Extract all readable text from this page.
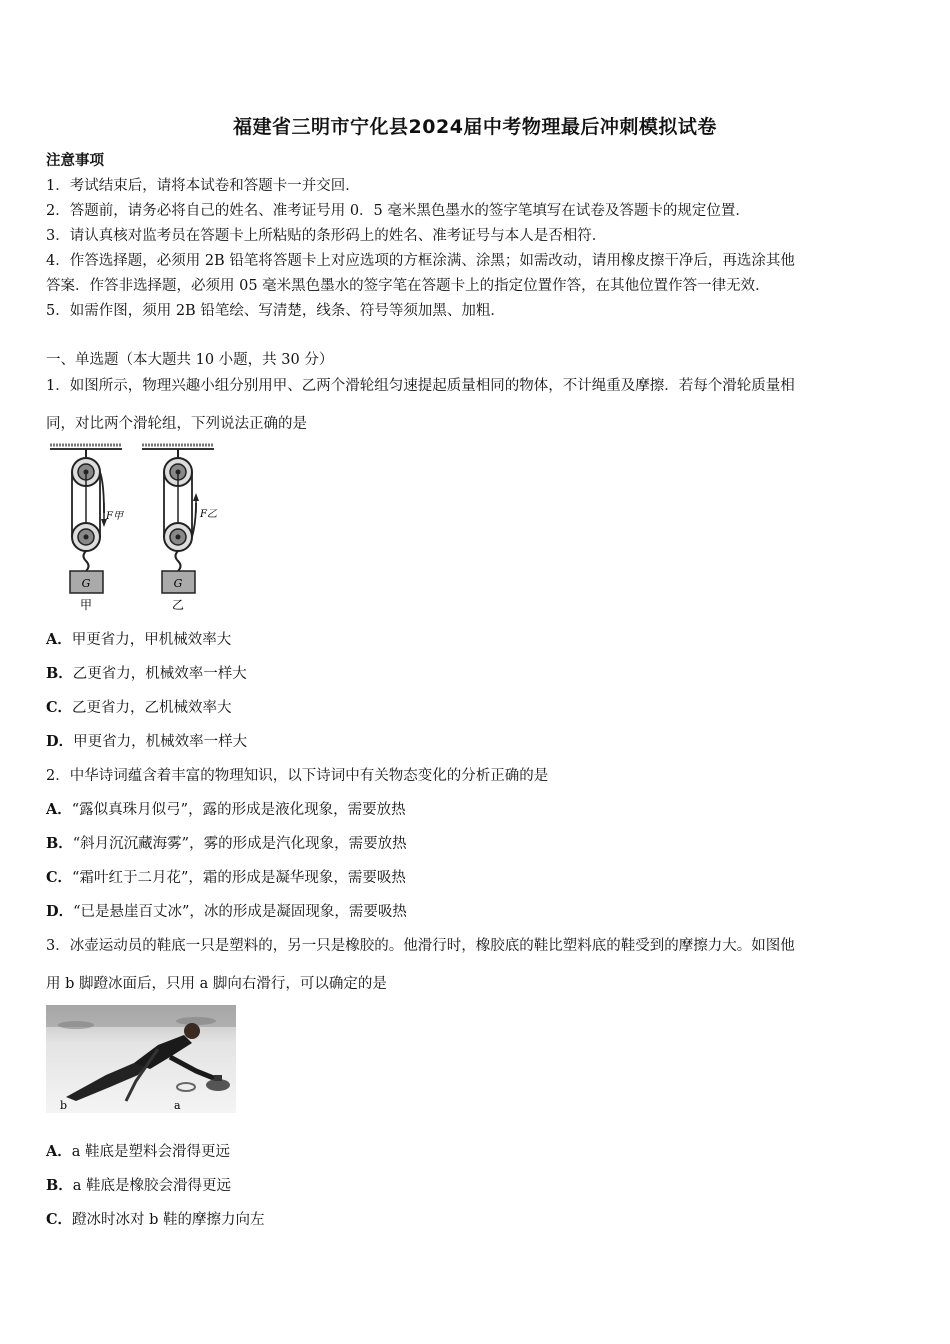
福建省三明市宁化县2024届中考物理最后冲刺模拟试卷
注意事项
1．考试结束后，请将本试卷和答题卡一并交回．
2．答题前，请务必将自己的姓名、准考证号用 0．5 毫米黑色墨水的签字笔填写在试卷及答题卡的规定位置．
3．请认真核对监考员在答题卡上所粘贴的条形码上的姓名、准考证号与本人是否相符．
4．作答选择题，必须用 2B 铅笔将答题卡上对应选项的方框涂满、涂黑；如需改动，请用橡皮擦干净后，再选涂其他
答案．作答非选择题，必须用 05 毫米黑色墨水的签字笔在答题卡上的指定位置作答，在其他位置作答一律无效．
5．如需作图，须用 2B 铅笔绘、写清楚，线条、符号等须加黑、加粗．
一、单选题（本大题共 10 小题，共 30 分）
1．如图所示，物理兴趣小组分别用甲、乙两个滑轮组匀速提起质量相同的物体，不计绳重及摩擦．若每个滑轮质量相
同，对比两个滑轮组，下列说法正确的是
F甲
G
甲
F乙
G
乙
A．甲更省力，甲机械效率大
B．乙更省力，机械效率一样大
C．乙更省力，乙机械效率大
D．甲更省力，机械效率一样大
2．中华诗词蕴含着丰富的物理知识，以下诗词中有关物态变化的分析正确的是
A．“露似真珠月似弓”，露的形成是液化现象，需要放热
B．“斜月沉沉藏海雾”，雾的形成是汽化现象，需要放热
C．“霜叶红于二月花”，霜的形成是凝华现象，需要吸热
D．“已是悬崖百丈冰”，冰的形成是凝固现象，需要吸热
3．冰壶运动员的鞋底一只是塑料的，另一只是橡胶的。他滑行时，橡胶底的鞋比塑料底的鞋受到的摩擦力大。如图他
用 b 脚蹬冰面后，只用 a 脚向右滑行，可以确定的是
b	a
A．a 鞋底是塑料会滑得更远
B．a 鞋底是橡胶会滑得更远
C．蹬冰时冰对 b 鞋的摩擦力向左
